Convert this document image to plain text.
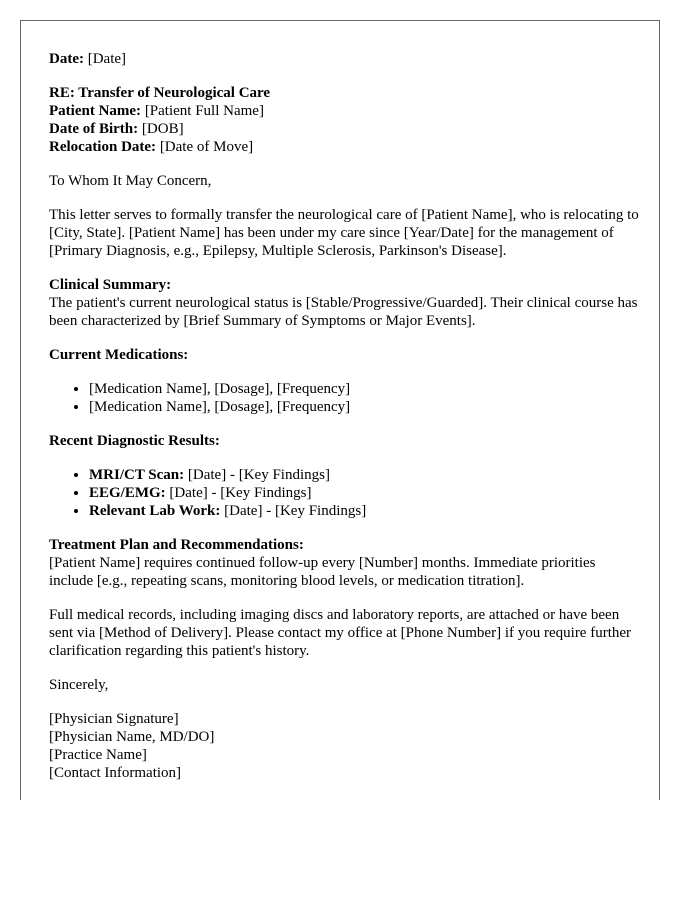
Date: [Date]

RE: Transfer of Neurological Care

Patient Name: [Patient Full Name]

Date of Birth: [DOB]

Relocation Date: [Date of Move]

To Whom It May Concern,

This letter serves to formally transfer the neurological care of [Patient Name], who is relocating to [City, State]. [Patient Name] has been under my care since [Year/Date] for the management of [Primary Diagnosis, e.g., Epilepsy, Multiple Sclerosis, Parkinson's Disease].

Clinical Summary:

The patient's current neurological status is [Stable/Progressive/Guarded]. Their clinical course has been characterized by [Brief Summary of Symptoms or Major Events].

Current Medications:

• [Medication Name], [Dosage], [Frequency]
• [Medication Name], [Dosage], [Frequency]

Recent Diagnostic Results:

• MRI/CT Scan: [Date] - [Key Findings]
• EEG/EMG: [Date] - [Key Findings]
• Relevant Lab Work: [Date] - [Key Findings]

Treatment Plan and Recommendations:

[Patient Name] requires continued follow-up every [Number] months. Immediate priorities include [e.g., repeating scans, monitoring blood levels, or medication titration].

Full medical records, including imaging discs and laboratory reports, are attached or have been sent via [Method of Delivery]. Please contact my office at [Phone Number] if you require further clarification regarding this patient's history.

Sincerely,

[Physician Signature]
[Physician Name, MD/DO]
[Practice Name]
[Contact Information]
